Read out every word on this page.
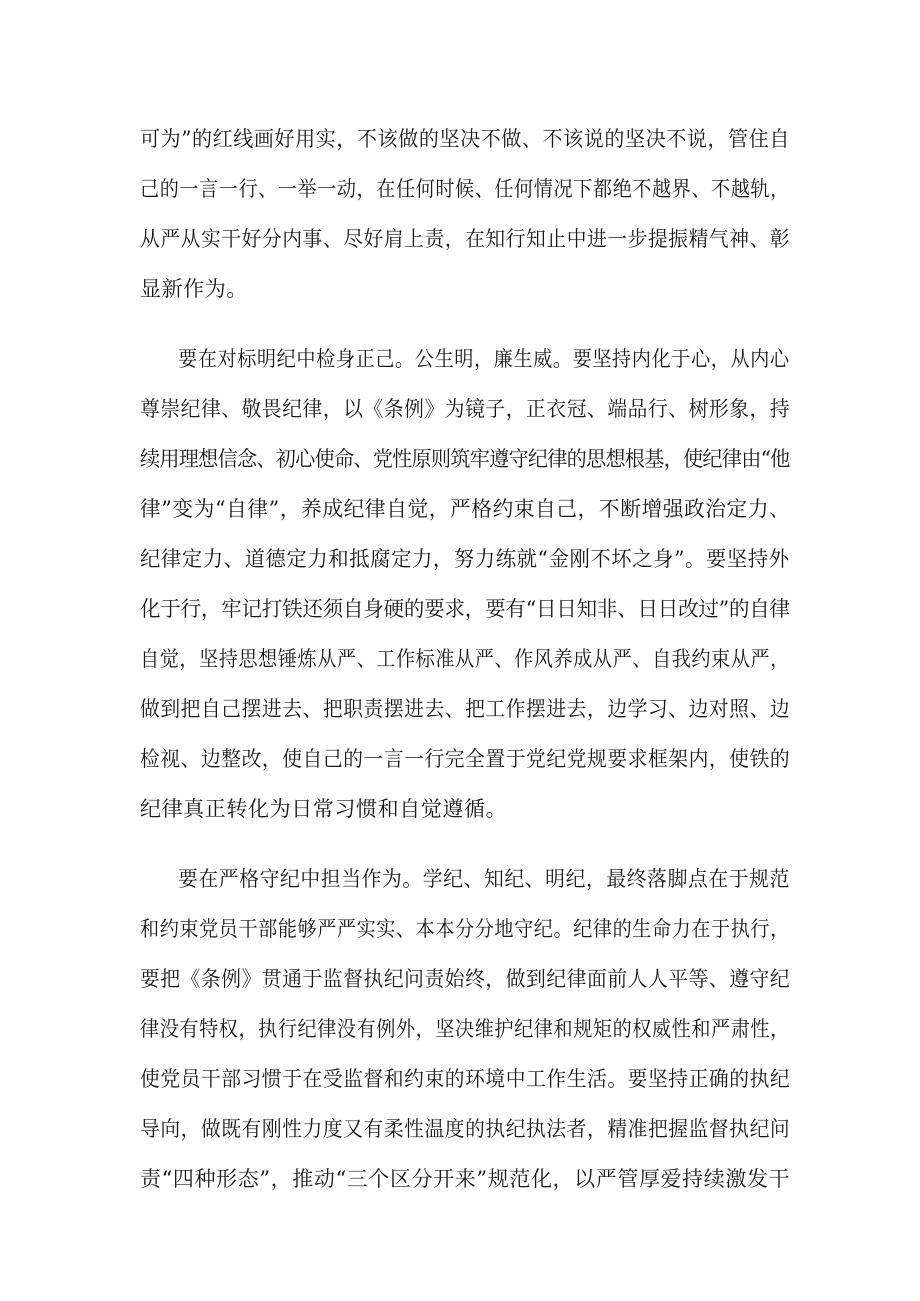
可为”的红线画好用实，不该做的坚决不做、不该说的坚决不说，管住自
己的一言一行、一举一动，在任何时候、任何情况下都绝不越界、不越轨，
从严从实干好分内事、尽好肩上责，在知行知止中进一步提振精气神、彰
显新作为。
要在对标明纪中检身正己。公生明，廉生威。要坚持内化于心，从内心
尊崇纪律、敬畏纪律，以《条例》为镜子，正衣冠、端品行、树形象，持
续用理想信念、初心使命、党性原则筑牢遵守纪律的思想根基，使纪律由“他
律”变为“自律”，养成纪律自觉，严格约束自己，不断增强政治定力、
纪律定力、道德定力和抵腐定力，努力练就“金刚不坏之身”。要坚持外
化于行，牢记打铁还须自身硬的要求，要有“日日知非、日日改过”的自律
自觉，坚持思想锤炼从严、工作标准从严、作风养成从严、自我约束从严，
做到把自己摆进去、把职责摆进去、把工作摆进去，边学习、边对照、边
检视、边整改，使自己的一言一行完全置于党纪党规要求框架内，使铁的
纪律真正转化为日常习惯和自觉遵循。
要在严格守纪中担当作为。学纪、知纪、明纪，最终落脚点在于规范
和约束党员干部能够严严实实、本本分分地守纪。纪律的生命力在于执行，
要把《条例》贯通于监督执纪问责始终，做到纪律面前人人平等、遵守纪
律没有特权，执行纪律没有例外，坚决维护纪律和规矩的权威性和严肃性，
使党员干部习惯于在受监督和约束的环境中工作生活。要坚持正确的执纪
导向，做既有刚性力度又有柔性温度的执纪执法者，精准把握监督执纪问
责“四种形态”，推动“三个区分开来”规范化，以严管厚爱持续激发干
